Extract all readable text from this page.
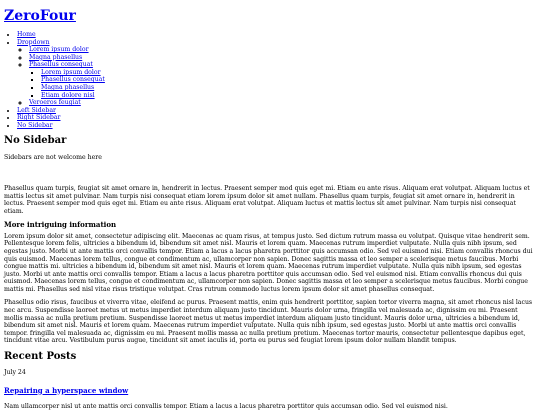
ZeroFour
• Home
• Dropdown
◦ Lorem ipsum dolor
◦ Magna phasellus
◦ Phasellus consequat
▪ Lorem ipsum dolor
▪ Phasellus consequat
▪ Magna phasellus
▪ Etiam dolore nisl
◦ Veroeros feugiat
• Left Sidebar
• Right Sidebar
• No Sidebar
No Sidebar

Sidebars are not welcome here

Phasellus quam turpis, feugiat sit amet ornare in, hendrerit in lectus. Praesent semper mod quis eget mi. Etiam eu ante risus. Aliquam erat volutpat. Aliquam luctus et mattis lectus sit amet pulvinar. Nam turpis nisi consequat etiam lorem ipsum dolor sit amet nullam. Phasellus quam turpis, feugiat sit amet ornare in, hendrerit in lectus. Praesent semper mod quis eget mi. Etiam eu ante risus. Aliquam erat volutpat. Aliquam luctus et mattis lectus sit amet pulvinar. Nam turpis nisi consequat etiam.

More intriguing information

Lorem ipsum dolor sit amet, consectetur adipiscing elit. Maecenas ac quam risus, at tempus justo. Sed dictum rutrum massa eu volutpat. Quisque vitae hendrerit sem. Pellentesque lorem felis, ultricies a bibendum id, bibendum sit amet nisl. Mauris et lorem quam. Maecenas rutrum imperdiet vulputate. Nulla quis nibh ipsum, sed egestas justo. Morbi ut ante mattis orci convallis tempor. Etiam a lacus a lacus pharetra porttitor quis accumsan odio. Sed vel euismod nisi. Etiam convallis rhoncus dui quis euismod. Maecenas lorem tellus, congue et condimentum ac, ullamcorper non sapien. Donec sagittis massa et leo semper a scelerisque metus faucibus. Morbi congue mattis mi. ultricies a bibendum id, bibendum sit amet nisl. Mauris et lorem quam. Maecenas rutrum imperdiet vulputate. Nulla quis nibh ipsum, sed egestas justo. Morbi ut ante mattis orci convallis tempor. Etiam a lacus a lacus pharetra porttitor quis accumsan odio. Sed vel euismod nisi. Etiam convallis rhoncus dui quis euismod. Maecenas lorem tellus, congue et condimentum ac, ullamcorper non sapien. Donec sagittis massa et leo semper a scelerisque metus faucibus. Morbi congue mattis mi. Phasellus sed nisl vitae risus tristique volutpat. Cras rutrum commodo luctus lorem ipsum dolor sit amet phasellus consequat.

Phasellus odio risus, faucibus et viverra vitae, eleifend ac purus. Praesent mattis, enim quis hendrerit porttitor, sapien tortor viverra magna, sit amet rhoncus nisl lacus nec arcu. Suspendisse laoreet metus ut metus imperdiet interdum aliquam justo tincidunt. Mauris dolor urna, fringilla vel malesuada ac, dignissim eu mi. Praesent mollis massa ac nulla pretium pretium. Suspendisse laoreet metus ut metus imperdiet interdum aliquam justo tincidunt. Mauris dolor urna, ultricies a bibendum id, bibendum sit amet nisl. Mauris et lorem quam. Maecenas rutrum imperdiet vulputate. Nulla quis nibh ipsum, sed egestas justo. Morbi ut ante mattis orci convallis tempor. fringilla vel malesuada ac, dignissim eu mi. Praesent mollis massa ac nulla pretium pretium. Maecenas tortor mauris, consectetur pellentesque dapibus eget, tincidunt vitae arcu. Vestibulum purus augue, tincidunt sit amet iaculis id, porta eu purus sed feugiat lorem ipsum dolor nullam blandit tempus.

Recent Posts

July 24

Repairing a hyperspace window

Nam ullamcorper nisl ut ante mattis orci convallis tempor. Etiam a lacus a lacus pharetra porttitor quis accumsan odio. Sed vel euismod nisi.
